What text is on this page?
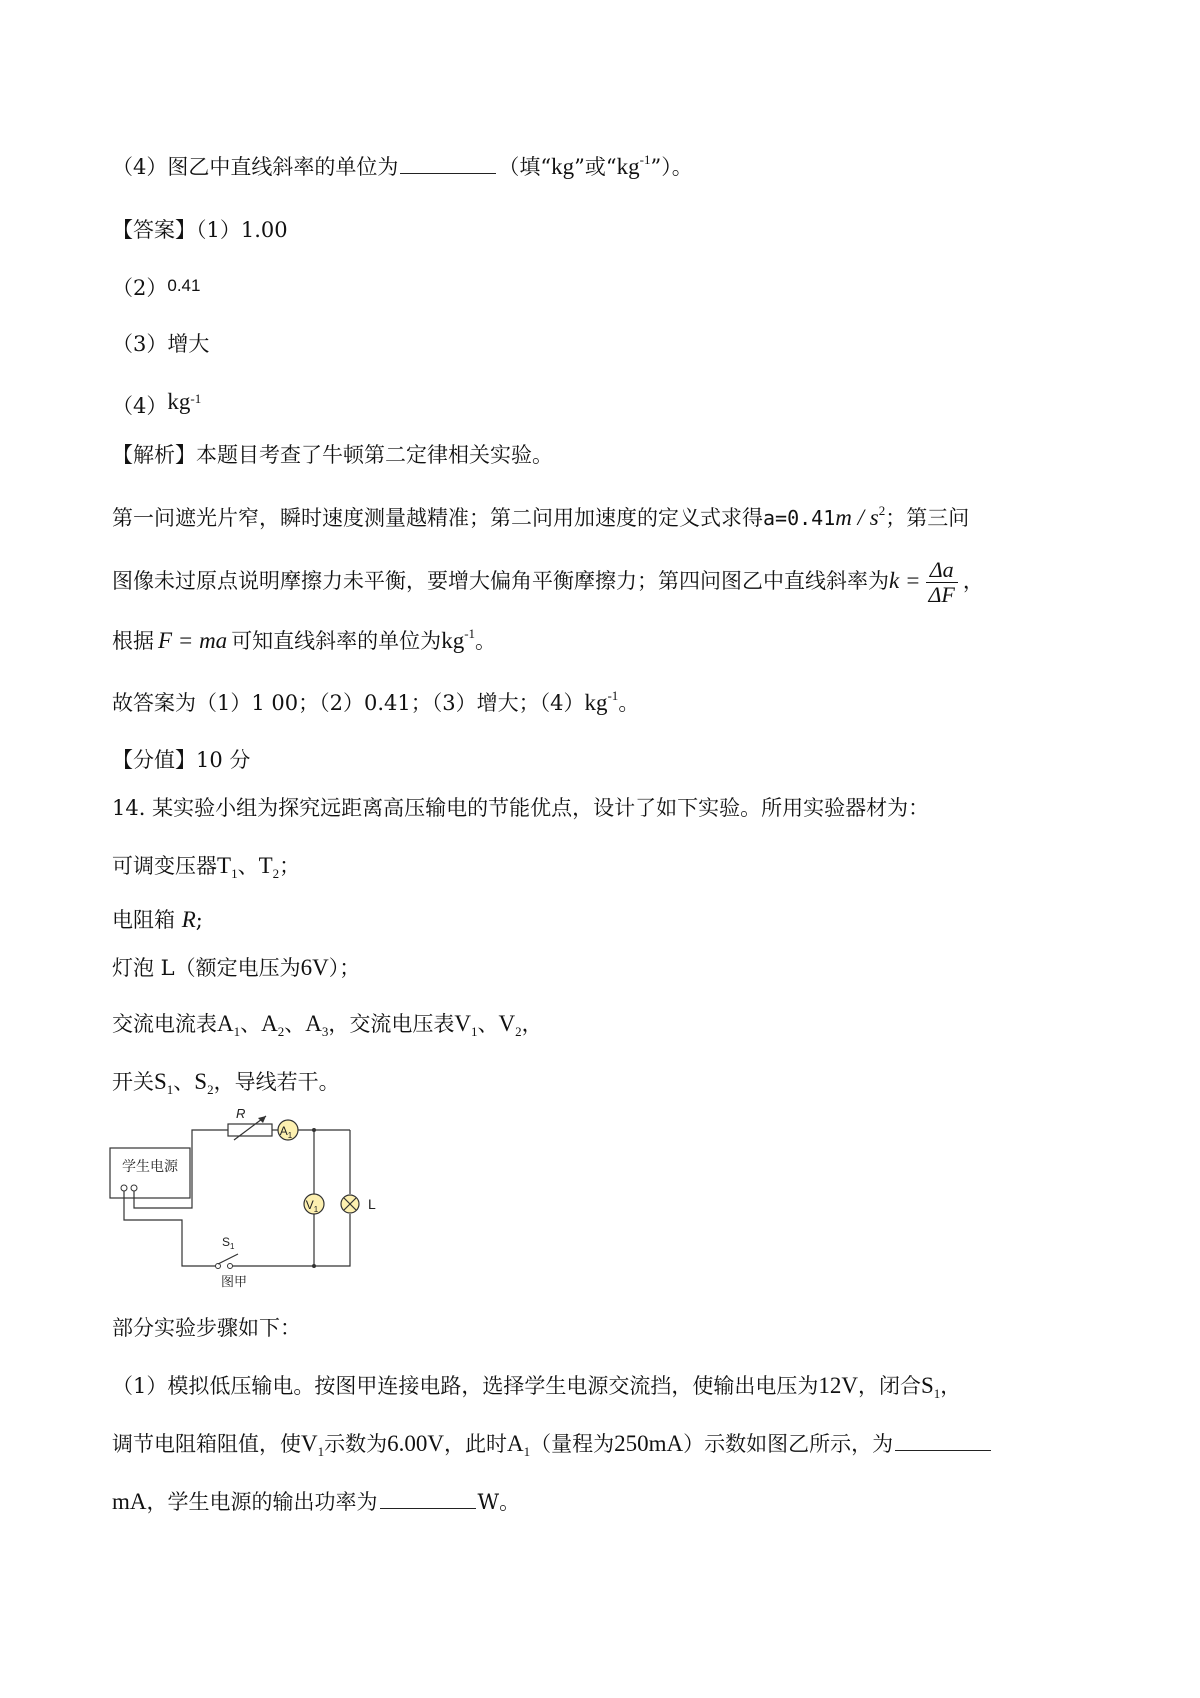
（4）图乙中直线斜率的单位为	（填“kg”或“$kg^{-1}$”）。
【答案】（1）1.00
（2）0.41
（3）增大
$(4)kg^{-1}$
【解析】本题目考查了牛顿第二定律相关实验。
第一问遮光片窄，瞬时速度测量越精准；第二问用加速度的定义式求得$a=0.41m / s^2$；第三问
图像未过原点说明摩擦力未平衡，要增大偏角平衡摩擦力；第四问图乙中直线斜率为$k = \frac{\Delta a}{\Delta F}$ ，
根据 F = ma 可知直线斜率的单位为$kg^{-1}$。
故答案为（1）1 00；（2）0.41；（3）增大；$(4)kg^{-1}$。
【分值】10 分
14. 某实验小组为探究远距离高压输电的节能优点，设计了如下实验。所用实验器材为：
可调变压器$T_1$、$T_2$；
电阻箱 R;
灯泡 L（额定电压为6V）；
交流电流表$A_1$、$A_2$、$A_3$，交流电压表$V_1$、$V_2$，
开关$S_1$、$S_2$，导线若干。
学生电源
R
$A_1$
$V_1$	L
$S_1$
图甲
部分实验步骤如下：
（1）模拟低压输电。按图甲连接电路，选择学生电源交流挡，使输出电压为12V，闭合$S_1$，
调节电阻箱阻值，使$V_1$示数为6.00V，此时$A_1$（量程为250mA）示数如图乙所示，为
mA，学生电源的输出功率为	W。
